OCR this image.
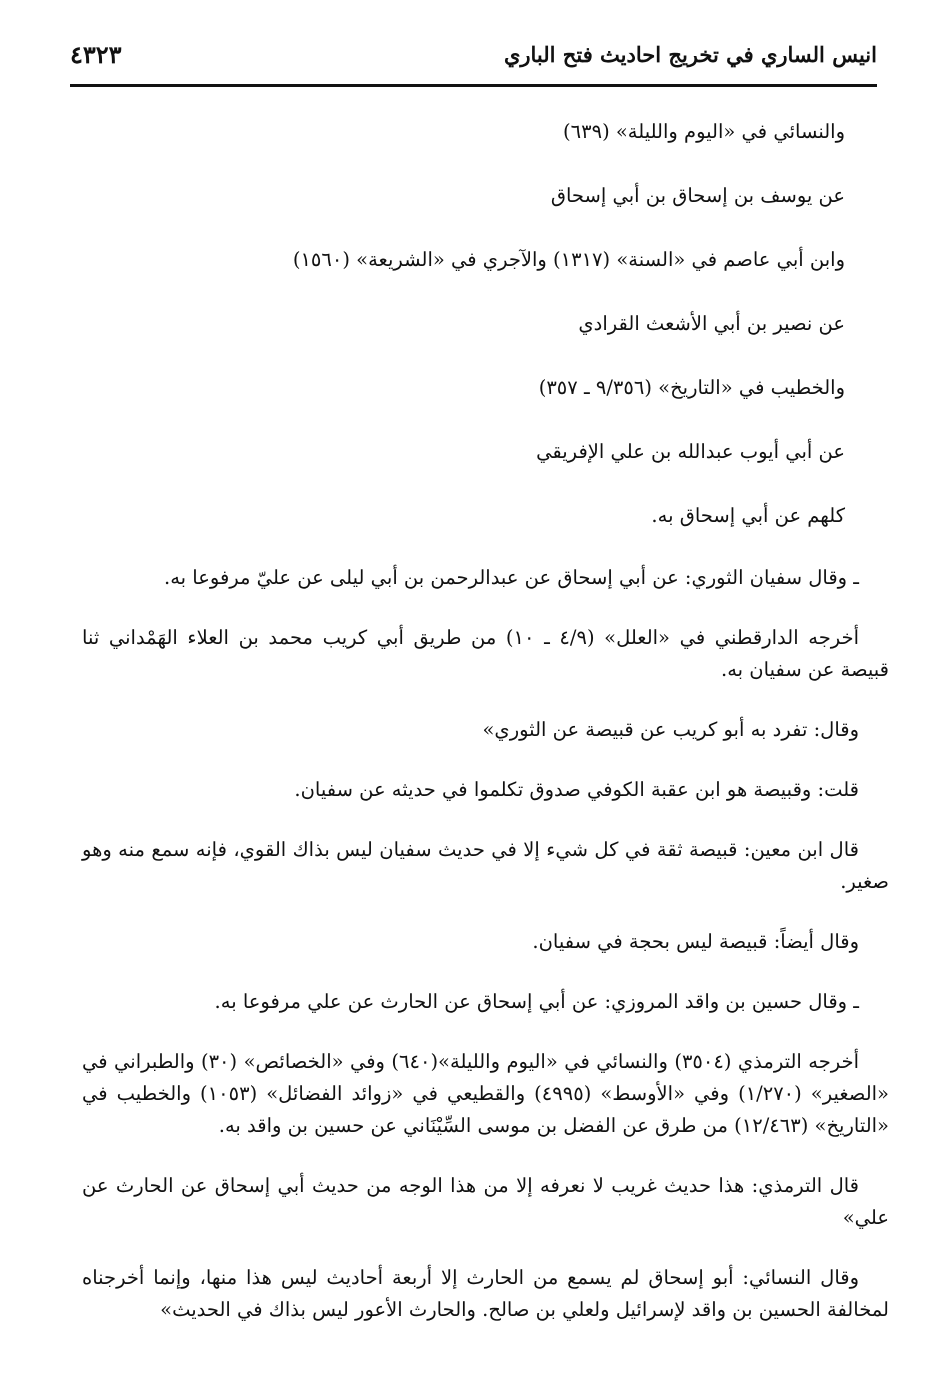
انيس الساري في تخريج احاديث فتح الباري
٤٣٢٣
والنسائي في «اليوم والليلة» (٦٣٩)
عن يوسف بن إسحاق بن أبي إسحاق
وابن أبي عاصم في «السنة» (١٣١٧) والآجري في «الشريعة» (١٥٦٠)
عن نصير بن أبي الأشعث القرادي
والخطيب في «التاريخ» (٩/٣٥٦ ـ ٣٥٧)
عن أبي أيوب عبدالله بن علي الإفريقي
كلهم عن أبي إسحاق به.

ـ وقال سفيان الثوري: عن أبي إسحاق عن عبدالرحمن بن أبي ليلى عن عليّ مرفوعا به.

أخرجه الدارقطني في «العلل» (٤/٩ ـ ١٠) من طريق أبي كريب محمد بن العلاء الهَمْداني ثنا قبيصة عن سفيان به.

وقال: تفرد به أبو كريب عن قبيصة عن الثوري»

قلت: وقبيصة هو ابن عقبة الكوفي صدوق تكلموا في حديثه عن سفيان.

قال ابن معين: قبيصة ثقة في كل شيء إلا في حديث سفيان ليس بذاك القوي، فإنه سمع منه وهو صغير.

وقال أيضاً: قبيصة ليس بحجة في سفيان.

ـ وقال حسين بن واقد المروزي: عن أبي إسحاق عن الحارث عن علي مرفوعا به.

أخرجه الترمذي (٣٥٠٤) والنسائي في «اليوم والليلة»(٦٤٠) وفي «الخصائص» (٣٠) والطبراني في «الصغير» (١/٢٧٠) وفي «الأوسط» (٤٩٩٥) والقطيعي في «زوائد الفضائل» (١٠٥٣) والخطيب في «التاريخ» (١٢/٤٦٣) من طرق عن الفضل بن موسى السِّيْنَاني عن حسين بن واقد به.

قال الترمذي: هذا حديث غريب لا نعرفه إلا من هذا الوجه من حديث أبي إسحاق عن الحارث عن علي»

وقال النسائي: أبو إسحاق لم يسمع من الحارث إلا أربعة أحاديث ليس هذا منها، وإنما أخرجناه لمخالفة الحسين بن واقد لإسرائيل ولعلي بن صالح. والحارث الأعور ليس بذاك في الحديث»
